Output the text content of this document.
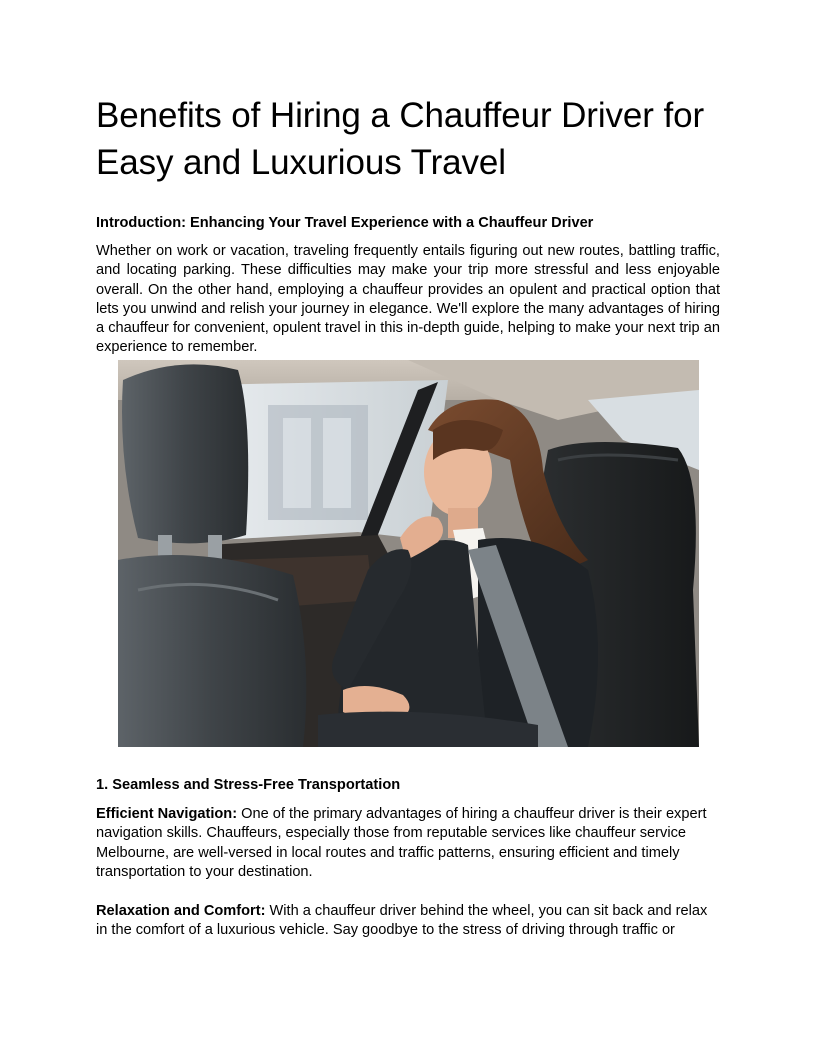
Benefits of Hiring a Chauffeur Driver for Easy and Luxurious Travel

Introduction: Enhancing Your Travel Experience with a Chauffeur Driver

Whether on work or vacation, traveling frequently entails figuring out new routes, battling traffic, and locating parking. These difficulties may make your trip more stressful and less enjoyable overall. On the other hand, employing a chauffeur provides an opulent and practical option that lets you unwind and relish your journey in elegance. We'll explore the many advantages of hiring a chauffeur for convenient, opulent travel in this in-depth guide, helping to make your next trip an experience to remember.

1. Seamless and Stress-Free Transportation

Efficient Navigation: One of the primary advantages of hiring a chauffeur driver is their expert navigation skills. Chauffeurs, especially those from reputable services like chauffeur service Melbourne, are well-versed in local routes and traffic patterns, ensuring efficient and timely transportation to your destination.

Relaxation and Comfort: With a chauffeur driver behind the wheel, you can sit back and relax in the comfort of a luxurious vehicle. Say goodbye to the stress of driving through traffic or
